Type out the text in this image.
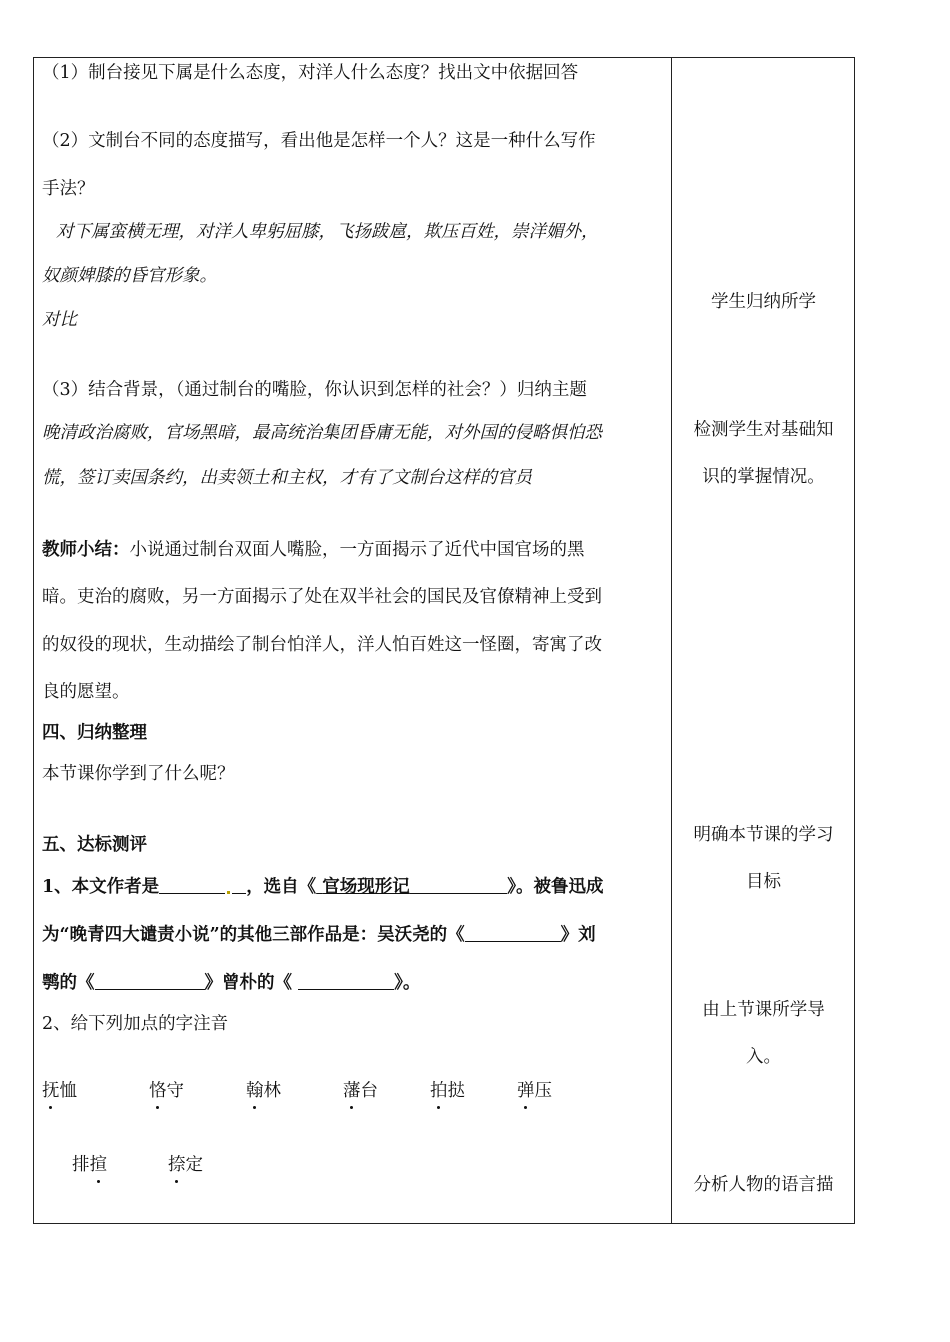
（1）制台接见下属是什么态度，对洋人什么态度？找出文中依据回答
（2）文制台不同的态度描写，看出他是怎样一个人？这是一种什么写作
手法？
对下属蛮横无理，对洋人卑躬屈膝，飞扬跋扈，欺压百姓，崇洋媚外，
奴颜婢膝的昏官形象。
对比
（3）结合背景，（通过制台的嘴脸，你认识到怎样的社会？）归纳主题
晚清政治腐败，官场黑暗，最高统治集团昏庸无能，对外国的侵略惧怕恐
慌，签订卖国条约，出卖领土和主权，才有了文制台这样的官员
教师小结：小说通过制台双面人嘴脸，一方面揭示了近代中国官场的黑
暗。吏治的腐败，另一方面揭示了处在双半社会的国民及官僚精神上受到
的奴役的现状，生动描绘了制台怕洋人，洋人怕百姓这一怪圈，寄寓了改
良的愿望。
四、归纳整理
本节课你学到了什么呢？
五、达标测评
1、本文作者是	，选自《 官场现形记	》。被鲁迅成
为“晚青四大谴责小说”的其他三部作品是：吴沃尧的《	》刘
鹗的《	》曾朴的《	》。
2、给下列加点的字注音
抚恤	恪守	翰林	藩台	拍挞	弹压
排揎	捺定
学生归纳所学
检测学生对基础知
识的掌握情况。
明确本节课的学习
目标
由上节课所学导
入。
分析人物的语言描
